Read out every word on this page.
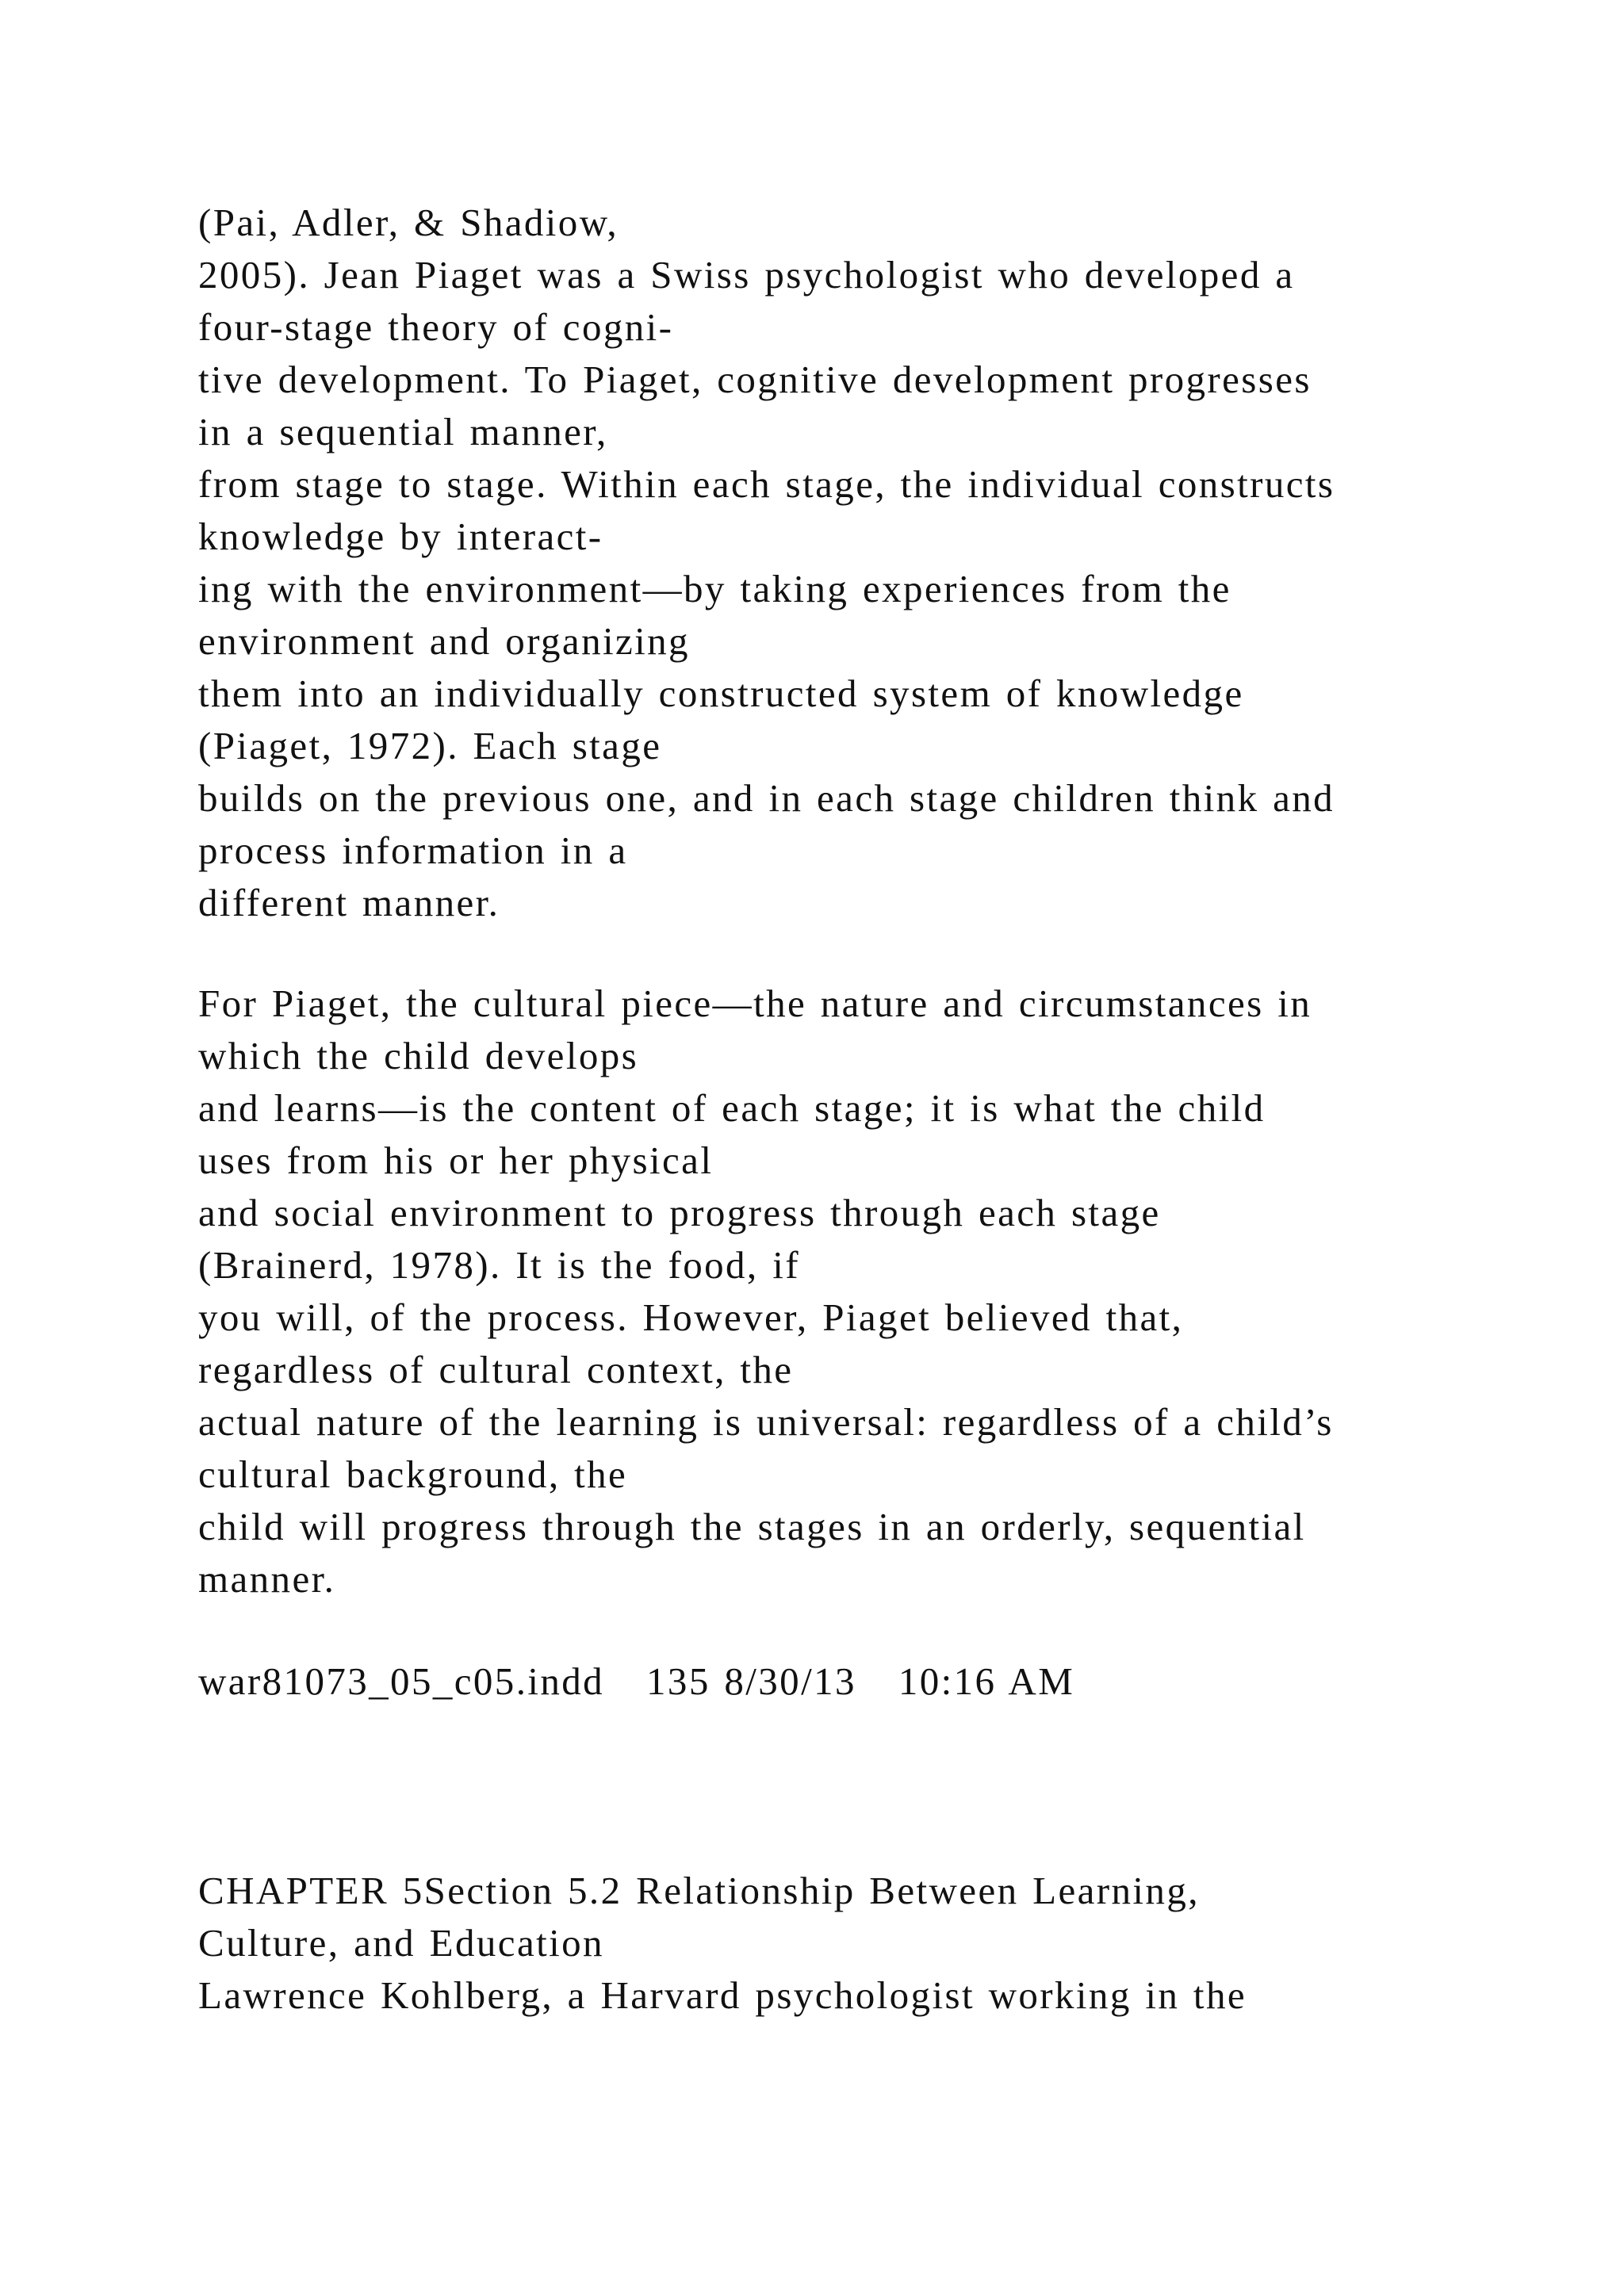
(Pai, Adler, & Shadiow,
2005). Jean Piaget was a Swiss psychologist who developed a
four-stage theory of cogni-
tive development. To Piaget, cognitive development progresses
in a sequential manner,
from stage to stage. Within each stage, the individual constructs
knowledge by interact-
ing with the environment—by taking experiences from the
environment and organizing
them into an individually constructed system of knowledge
(Piaget, 1972). Each stage
builds on the previous one, and in each stage children think and
process information in a
different manner.
For Piaget, the cultural piece—the nature and circumstances in
which the child develops
and learns—is the content of each stage; it is what the child
uses from his or her physical
and social environment to progress through each stage
(Brainerd, 1978). It is the food, if
you will, of the process. However, Piaget believed that,
regardless of cultural context, the
actual nature of the learning is universal: regardless of a child’s
cultural background, the
child will progress through the stages in an orderly, sequential
manner.
war81073_05_c05.indd   135 8/30/13   10:16 AM
CHAPTER 5Section 5.2 Relationship Between Learning,
Culture, and Education
Lawrence Kohlberg, a Harvard psychologist working in the
